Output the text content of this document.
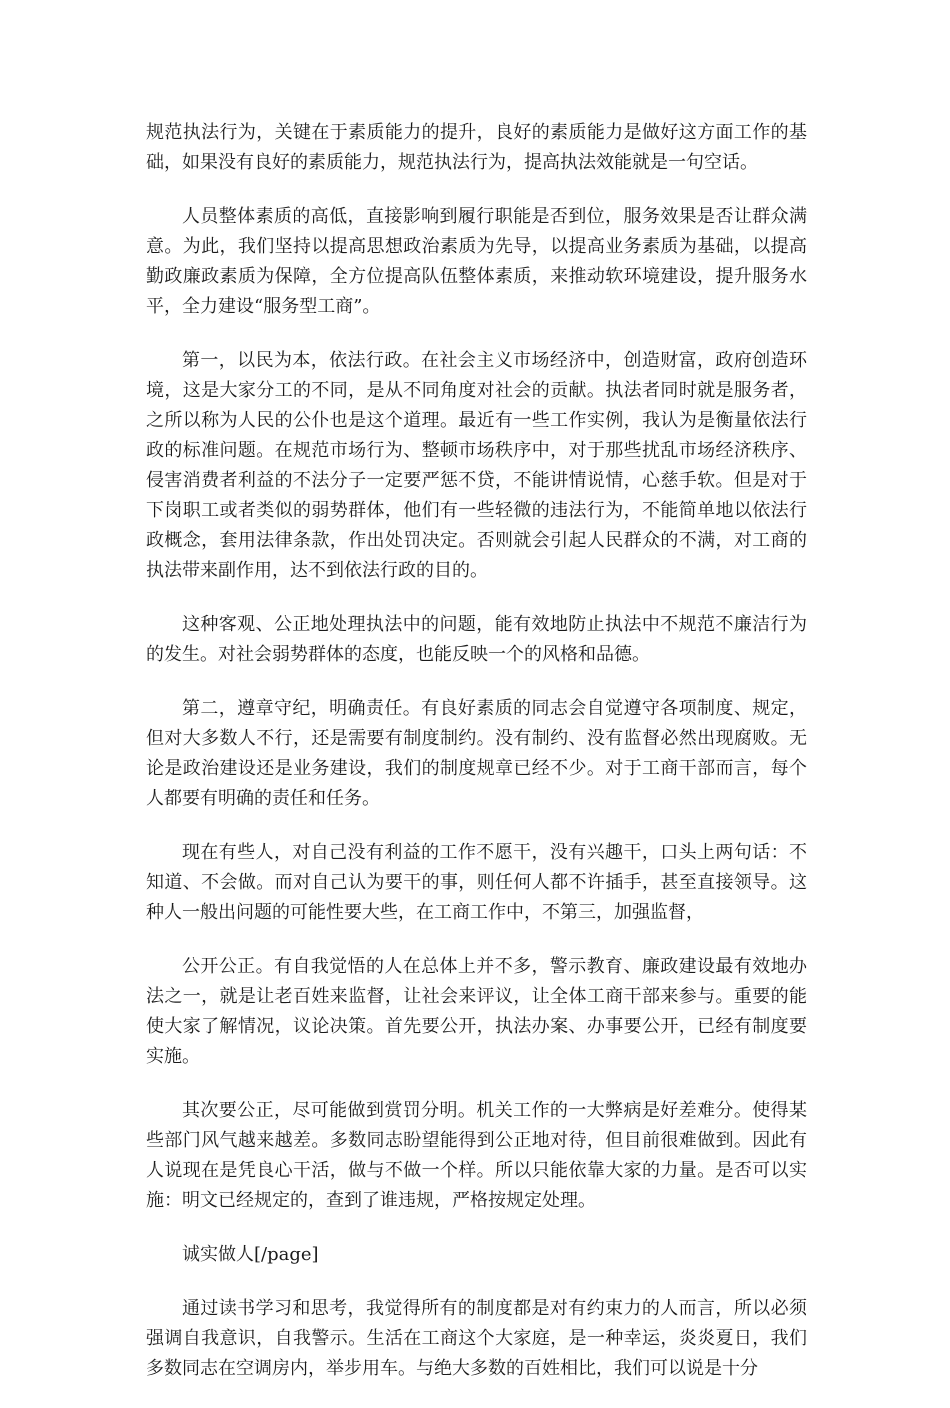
规范执法行为，关键在于素质能力的提升，良好的素质能力是做好这方面工作的基础，如果没有良好的素质能力，规范执法行为，提高执法效能就是一句空话。

人员整体素质的高低，直接影响到履行职能是否到位，服务效果是否让群众满意。为此，我们坚持以提高思想政治素质为先导，以提高业务素质为基础，以提高勤政廉政素质为保障，全方位提高队伍整体素质，来推动软环境建设，提升服务水平，全力建设“服务型工商”。

第一，以民为本，依法行政。在社会主义市场经济中，创造财富，政府创造环境，这是大家分工的不同，是从不同角度对社会的贡献。执法者同时就是服务者，之所以称为人民的公仆也是这个道理。最近有一些工作实例，我认为是衡量依法行政的标准问题。在规范市场行为、整顿市场秩序中，对于那些扰乱市场经济秩序、侵害消费者利益的不法分子一定要严惩不贷，不能讲情说情，心慈手软。但是对于下岗职工或者类似的弱势群体，他们有一些轻微的违法行为，不能简单地以依法行政概念，套用法律条款，作出处罚决定。否则就会引起人民群众的不满，对工商的执法带来副作用，达不到依法行政的目的。

这种客观、公正地处理执法中的问题，能有效地防止执法中不规范不廉洁行为的发生。对社会弱势群体的态度，也能反映一个的风格和品德。

第二，遵章守纪，明确责任。有良好素质的同志会自觉遵守各项制度、规定，但对大多数人不行，还是需要有制度制约。没有制约、没有监督必然出现腐败。无论是政治建设还是业务建设，我们的制度规章已经不少。对于工商干部而言，每个人都要有明确的责任和任务。

现在有些人，对自己没有利益的工作不愿干，没有兴趣干，口头上两句话：不知道、不会做。而对自己认为要干的事，则任何人都不许插手，甚至直接领导。这种人一般出问题的可能性要大些，在工商工作中，不第三，加强监督，

公开公正。有自我觉悟的人在总体上并不多，警示教育、廉政建设最有效地办法之一，就是让老百姓来监督，让社会来评议，让全体工商干部来参与。重要的能使大家了解情况，议论决策。首先要公开，执法办案、办事要公开，已经有制度要实施。

其次要公正，尽可能做到赏罚分明。机关工作的一大弊病是好差难分。使得某些部门风气越来越差。多数同志盼望能得到公正地对待，但目前很难做到。因此有人说现在是凭良心干活，做与不做一个样。所以只能依靠大家的力量。是否可以实施：明文已经规定的，查到了谁违规，严格按规定处理。

诚实做人[/page]

通过读书学习和思考，我觉得所有的制度都是对有约束力的人而言，所以必须强调自我意识，自我警示。生活在工商这个大家庭，是一种幸运，炎炎夏日，我们多数同志在空调房内，举步用车。与绝大多数的百姓相比，我们可以说是十分
